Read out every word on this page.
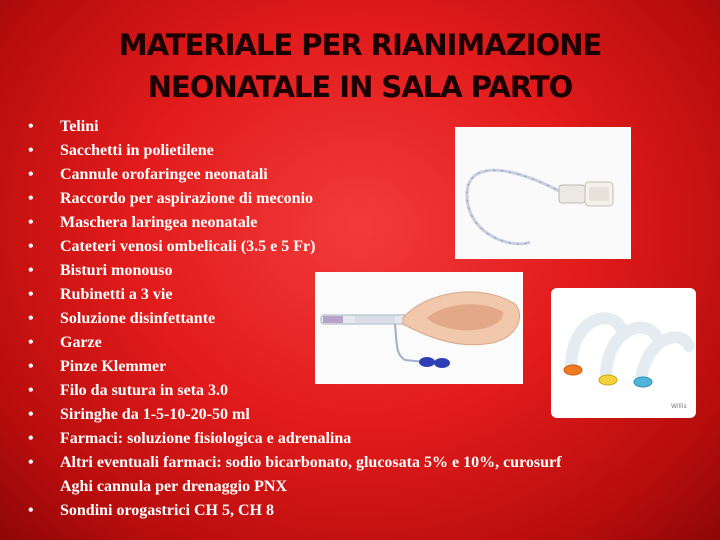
MATERIALE PER RIANIMAZIONE
NEONATALE IN SALA PARTO
• Telini
• Sacchetti in polietilene
• Cannule orofaringee neonatali
• Raccordo per aspirazione di meconio
• Maschera laringea neonatale
• Cateteri venosi ombelicali (3.5 e 5 Fr)
• Bisturi monouso
• Rubinetti a 3 vie
• Soluzione disinfettante
• Garze
• Pinze Klemmer
• Filo da sutura in seta 3.0
• Siringhe da 1-5-10-20-50 ml
• Farmaci: soluzione fisiologica e adrenalina
• Altri eventuali farmaci: sodio bicarbonato, glucosata 5% e 10%, curosurf
Aghi cannula per drenaggio PNX
• Sondini orogastrici CH 5, CH 8
Willis
